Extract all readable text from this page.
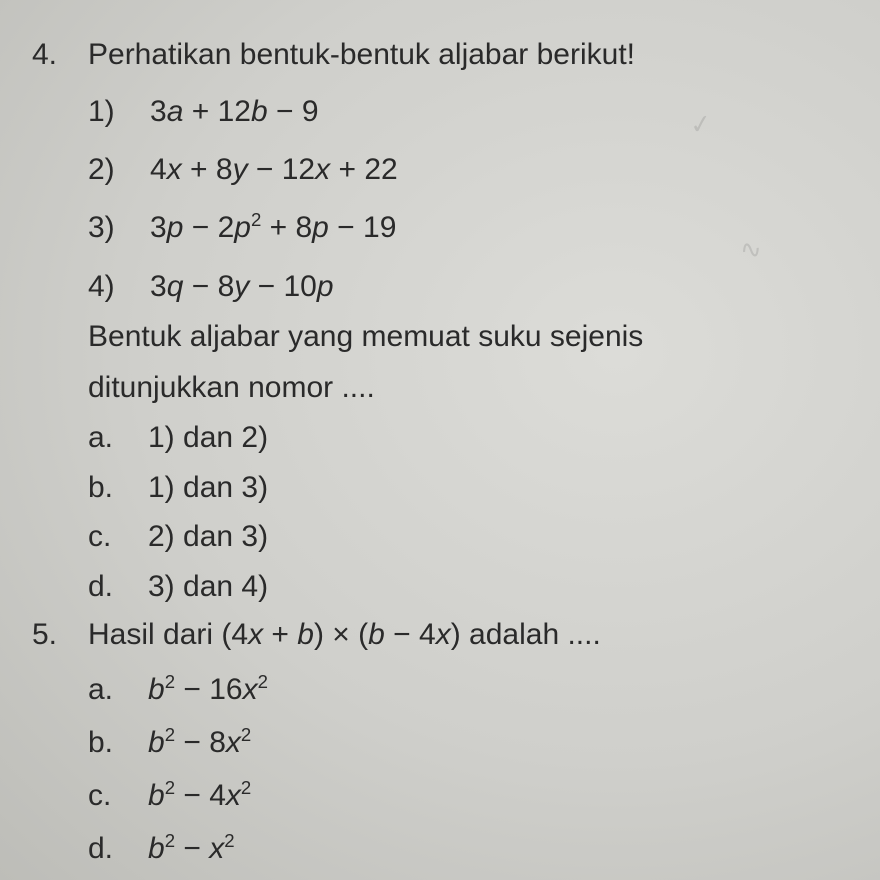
✓
∿
4. Perhatikan bentuk-bentuk aljabar berikut!
1) 3a + 12b − 9
2) 4x + 8y − 12x + 22
3) $3p - 2p^2 + 8p - 19$
4) 3q − 8y − 10p
Bentuk aljabar yang memuat suku sejenis
ditunjukkan nomor ....
a. 1) dan 2)
b. 1) dan 3)
c. 2) dan 3)
d. 3) dan 4)
5. Hasil dari (4x + b) × (b − 4x) adalah ....
a. $b^2 - 16x^2$
b. $b^2 - 8x^2$
c. $b^2 - 4x^2$
d. $b^2 - x^2$
